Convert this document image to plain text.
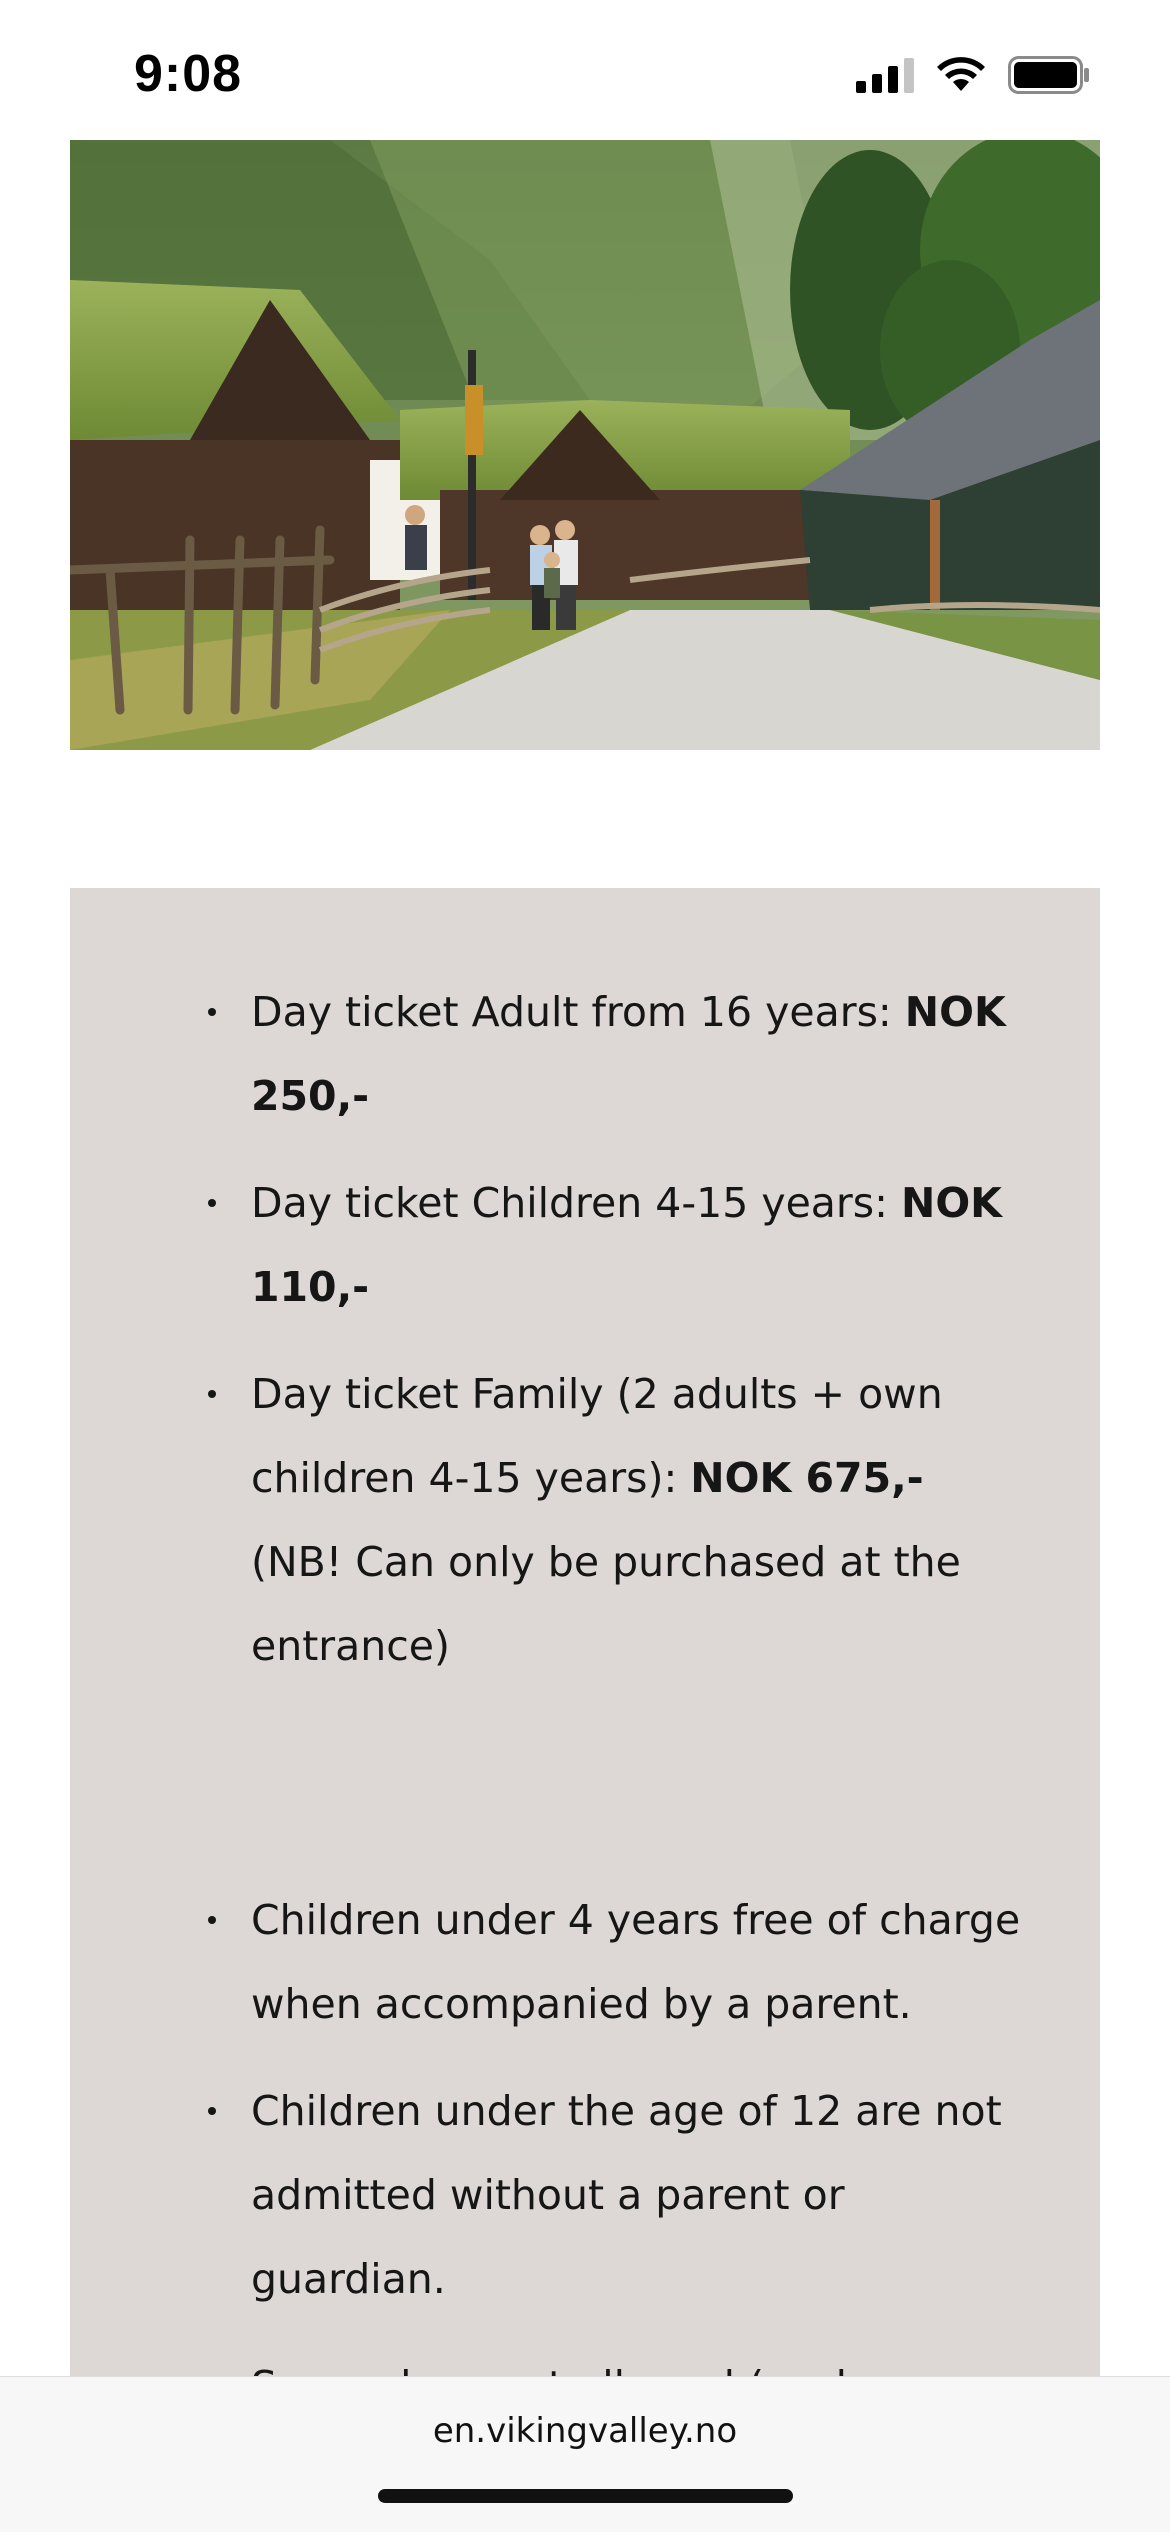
9:08
Day ticket Adult from 16 years: NOK 250,-
Day ticket Children 4-15 years: NOK 110,-
Day ticket Family (2 adults + own children 4-15 years): NOK 675,-
(NB! Can only be purchased at the entrance)
Children under 4 years free of charge when accompanied by a parent.
Children under the age of 12 are not admitted without a parent or guardian.
en.vikingvalley.no
